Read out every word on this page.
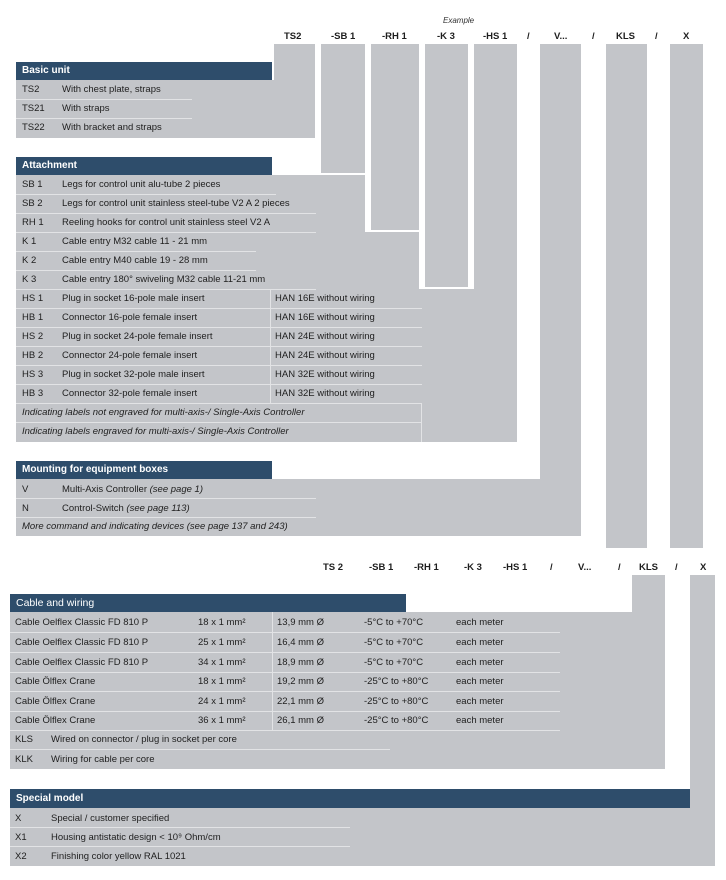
Example
TS2	-SB 1	-RH 1	-K 3	-HS 1 /	V...	/ KLS /	X
Basic unit
TS2 With chest plate, straps
TS21 With straps
TS22 With bracket and straps
Attachment
SB 1 Legs for control unit alu-tube 2 pieces
SB 2 Legs for control unit stainless steel-tube V2 A 2 pieces
RH 1 Reeling hooks for control unit stainless steel V2 A
K 1	Cable entry M32 cable 11 - 21 mm
K 2	Cable entry M40 cable 19 - 28 mm
K 3	Cable entry 180° swiveling M32 cable 11-21 mm
HS 1 Plug in socket 16-pole male insert	HAN 16E without wiring
HB 1 Connector 16-pole female insert	HAN 16E without wiring
HS 2 Plug in socket 24-pole female insert	HAN 24E without wiring
HB 2 Connector 24-pole female insert	HAN 24E without wiring
HS 3 Plug in socket 32-pole male insert	HAN 32E without wiring
HB 3 Connector 32-pole female insert	HAN 32E without wiring
Indicating labels not engraved for multi-axis-/ Single-Axis Controller
Indicating labels engraved for multi-axis-/ Single-Axis Controller
Mounting for equipment boxes
V	Multi-Axis Controller (see page 1)
N	Control-Switch (see page 113)
More command and indicating devices (see page 137 and 243)
TS 2	-SB 1 -RH 1	-K 3 -HS 1 /	V...	/ KLS / X
Cable and wiring
Cable Oelflex Classic FD 810 P	18 x 1 mm²	13,9 mm Ø	-5°C to +70°C	each meter
Cable Oelflex Classic FD 810 P	25 x 1 mm²	16,4 mm Ø	-5°C to +70°C	each meter
Cable Oelflex Classic FD 810 P	34 x 1 mm²	18,9 mm Ø	-5°C to +70°C	each meter
Cable Ölflex Crane	18 x 1 mm²	19,2 mm Ø	-25°C to +80°C	each meter
Cable Ölflex Crane	24 x 1 mm²	22,1 mm Ø	-25°C to +80°C	each meter
Cable Ölflex Crane	36 x 1 mm²	26,1 mm Ø	-25°C to +80°C	each meter
KLS Wired on connector / plug in socket per core
KLK Wiring for cable per core
Special model
X	Special / customer specified
X1	Housing antistatic design < 10⁹ Ohm/cm
X2	Finishing color yellow RAL 1021
